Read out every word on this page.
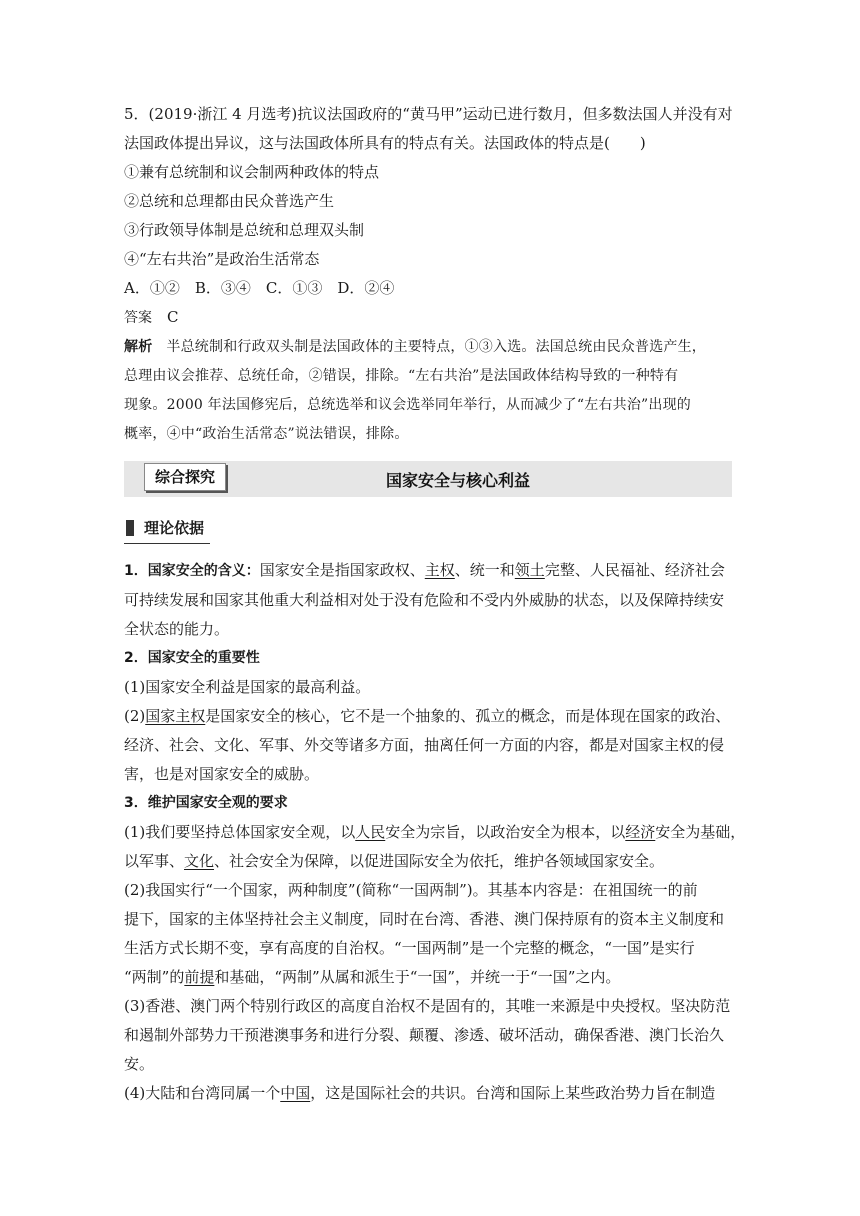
5．(2019·浙江 4 月选考)抗议法国政府的“黄马甲”运动已进行数月，但多数法国人并没有对
法国政体提出异议，这与法国政体所具有的特点有关。法国政体的特点是(　　)
①兼有总统制和议会制两种政体的特点
②总统和总理都由民众普选产生
③行政领导体制是总统和总理双头制
④“左右共治”是政治生活常态
A．①②　B．③④　C．①③　D．②④
答案　 C
解析 半总统制和行政双头制是法国政体的主要特点，①③入选。法国总统由民众普选产生，
总理由议会推荐、总统任命，②错误，排除。“左右共治”是法国政体结构导致的一种特有
现象。2000 年法国修宪后，总统选举和议会选举同年举行，从而减少了“左右共治”出现的
概率，④中“政治生活常态”说法错误，排除。
综合探究	国家安全与核心利益
理论依据
1．国家安全的含义：国家安全是指国家政权、主权、统一和领土完整、人民福祉、经济社会
可持续发展和国家其他重大利益相对处于没有危险和不受内外威胁的状态，以及保障持续安
全状态的能力。
2．国家安全的重要性
(1)国家安全利益是国家的最高利益。
(2)国家主权是国家安全的核心，它不是一个抽象的、孤立的概念，而是体现在国家的政治、
经济、社会、文化、军事、外交等诸多方面，抽离任何一方面的内容，都是对国家主权的侵
害，也是对国家安全的威胁。
3．维护国家安全观的要求
(1)我们要坚持总体国家安全观，以人民安全为宗旨，以政治安全为根本，以经济安全为基础，
以军事、文化、社会安全为保障，以促进国际安全为依托，维护各领域国家安全。
(2)我国实行“一个国家，两种制度”(简称“一国两制”)。其基本内容是：在祖国统一的前
提下，国家的主体坚持社会主义制度，同时在台湾、香港、澳门保持原有的资本主义制度和
生活方式长期不变，享有高度的自治权。“一国两制”是一个完整的概念，“一国”是实行
“两制”的前提和基础，“两制”从属和派生于“一国”，并统一于“一国”之内。
(3)香港、澳门两个特别行政区的高度自治权不是固有的，其唯一来源是中央授权。坚决防范
和遏制外部势力干预港澳事务和进行分裂、颠覆、渗透、破坏活动，确保香港、澳门长治久
安。
(4)大陆和台湾同属一个中国，这是国际社会的共识。台湾和国际上某些政治势力旨在制造
